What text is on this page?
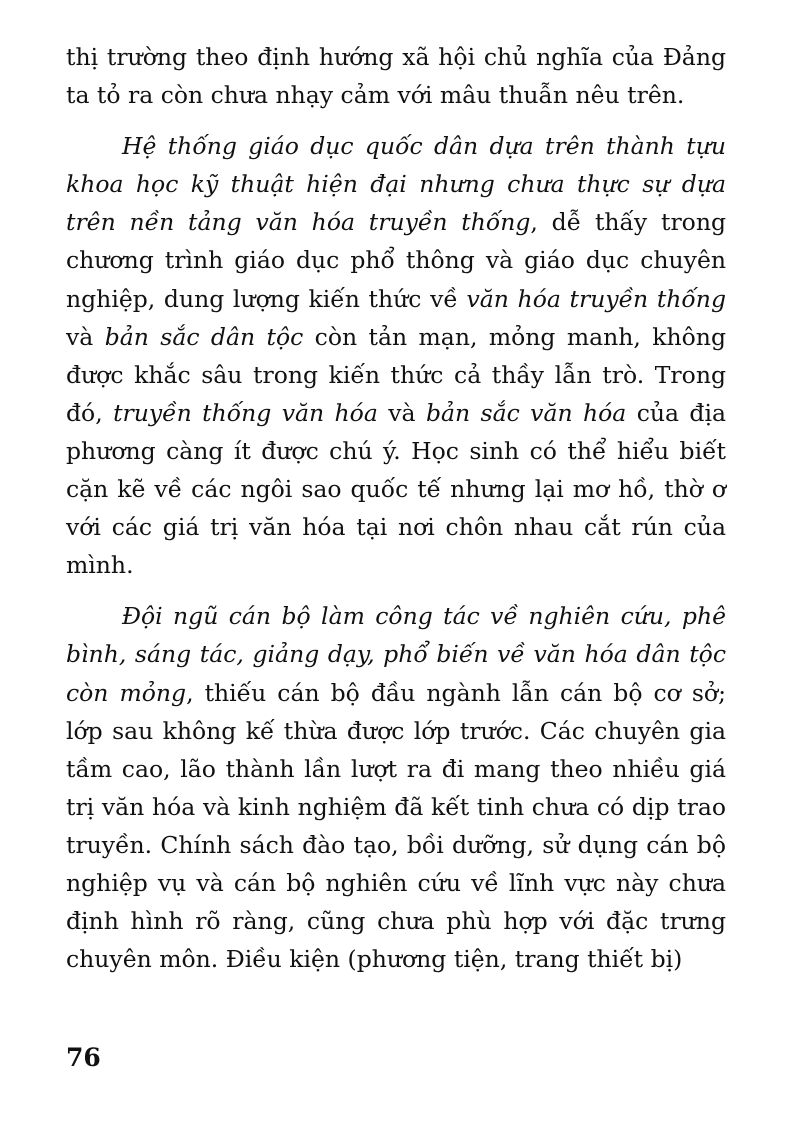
thị trường theo định hướng xã hội chủ nghĩa của Đảng ta tỏ ra còn chưa nhạy cảm với mâu thuẫn nêu trên.

Hệ thống giáo dục quốc dân dựa trên thành tựu khoa học kỹ thuật hiện đại nhưng chưa thực sự dựa trên nền tảng văn hóa truyền thống, dễ thấy trong chương trình giáo dục phổ thông và giáo dục chuyên nghiệp, dung lượng kiến thức về văn hóa truyền thống và bản sắc dân tộc còn tản mạn, mỏng manh, không được khắc sâu trong kiến thức cả thầy lẫn trò. Trong đó, truyền thống văn hóa và bản sắc văn hóa của địa phương càng ít được chú ý. Học sinh có thể hiểu biết cặn kẽ về các ngôi sao quốc tế nhưng lại mơ hồ, thờ ơ với các giá trị văn hóa tại nơi chôn nhau cắt rún của mình.

Đội ngũ cán bộ làm công tác về nghiên cứu, phê bình, sáng tác, giảng dạy, phổ biến về văn hóa dân tộc còn mỏng, thiếu cán bộ đầu ngành lẫn cán bộ cơ sở; lớp sau không kế thừa được lớp trước. Các chuyên gia tầm cao, lão thành lần lượt ra đi mang theo nhiều giá trị văn hóa và kinh nghiệm đã kết tinh chưa có dịp trao truyền. Chính sách đào tạo, bồi dưỡng, sử dụng cán bộ nghiệp vụ và cán bộ nghiên cứu về lĩnh vực này chưa định hình rõ ràng, cũng chưa phù hợp với đặc trưng chuyên môn. Điều kiện (phương tiện, trang thiết bị)

76
